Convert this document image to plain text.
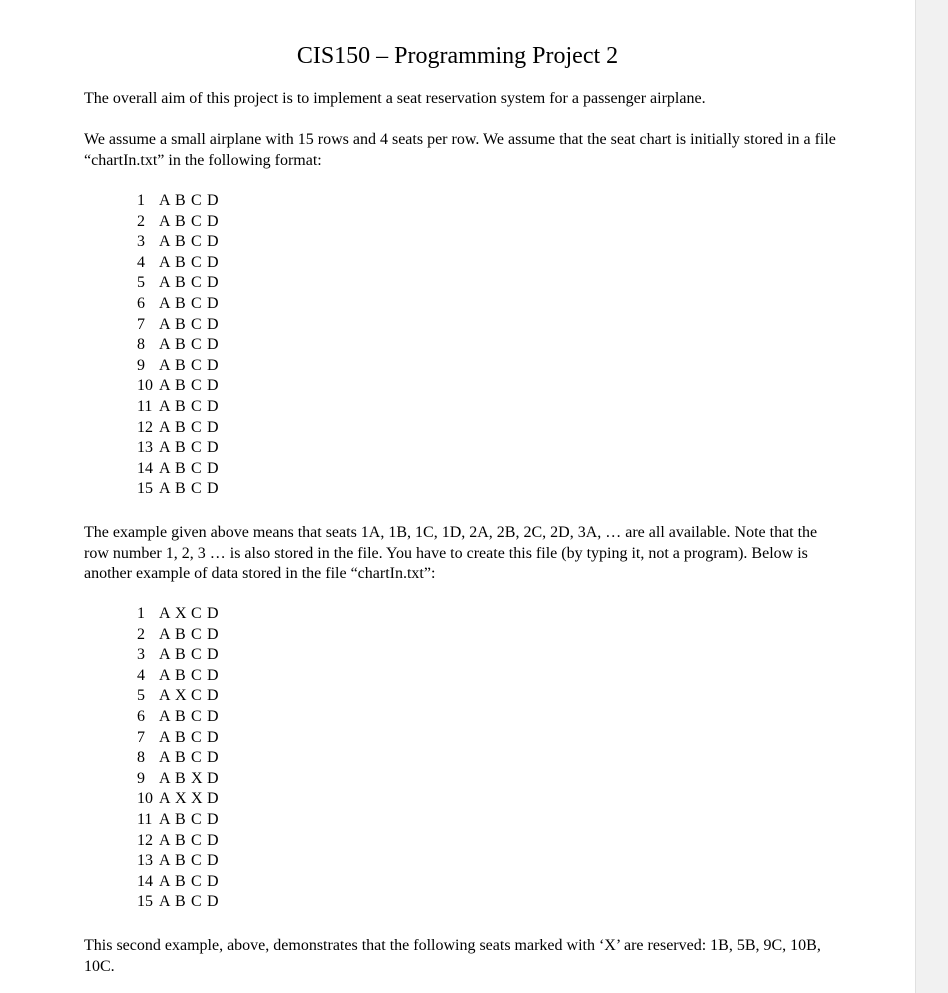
CIS150 – Programming Project 2

The overall aim of this project is to implement a seat reservation system for a passenger airplane.

We assume a small airplane with 15 rows and 4 seats per row. We assume that the seat chart is initially stored in a file “chartIn.txt” in the following format:

1 A B C D
2 A B C D
3 A B C D
4 A B C D
5 A B C D
6 A B C D
7 A B C D
8 A B C D
9 A B C D
10 A B C D
11 A B C D
12 A B C D
13 A B C D
14 A B C D
15 A B C D

The example given above means that seats 1A, 1B, 1C, 1D, 2A, 2B, 2C, 2D, 3A, … are all available. Note that the row number 1, 2, 3 … is also stored in the file. You have to create this file (by typing it, not a program). Below is another example of data stored in the file “chartIn.txt”:

1 A X C D
2 A B C D
3 A B C D
4 A B C D
5 A X C D
6 A B C D
7 A B C D
8 A B C D
9 A B X D
10 A X X D
11 A B C D
12 A B C D
13 A B C D
14 A B C D
15 A B C D

This second example, above, demonstrates that the following seats marked with ‘X’ are reserved: 1B, 5B, 9C, 10B, 10C.
